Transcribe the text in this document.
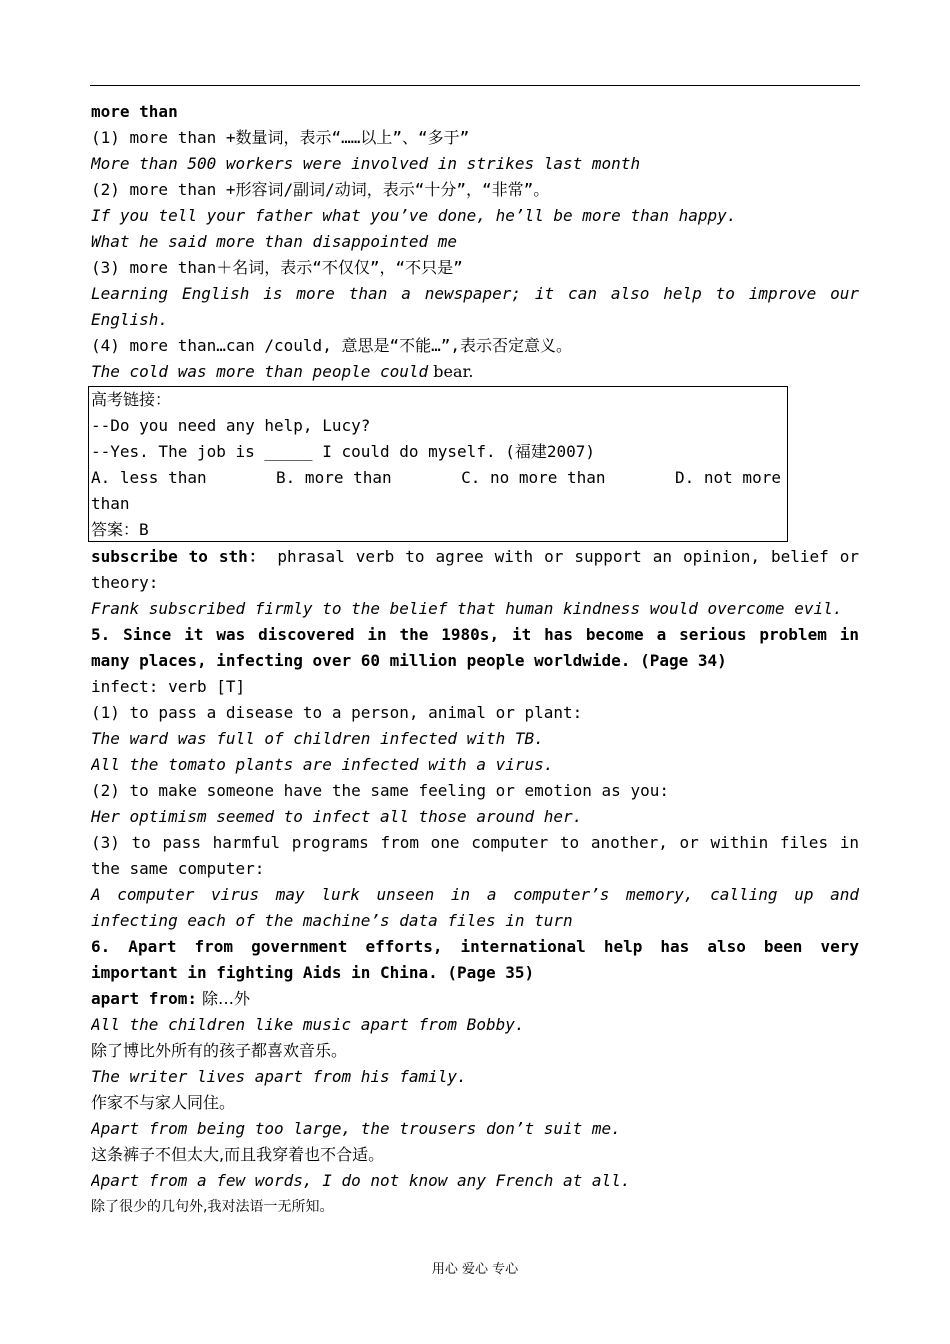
more than
(1) more than +数量词，表示“……以上”、“多于”
More than 500 workers were involved in strikes last month
(2) more than +形容词/副词/动词，表示“十分”，“非常”。
If you tell your father what you’ve done, he’ll be more than happy.
What he said more than disappointed me
(3) more than＋名词，表示“不仅仅”，“不只是”
Learning English is more than a newspaper; it can also help to improve our English.
(4) more than…can /could, 意思是“不能…”,表示否定意义。
The cold was more than people could bear.
高考链接：
--Do you need any help, Lucy?
--Yes. The job is _____ I could do myself. (福建2007)
A. less than	B. more than	C. no more than	D. not more
than
答案：B
subscribe to sth： phrasal verb to agree with or support an opinion, belief or theory:
Frank subscribed firmly to the belief that human kindness would overcome evil.
5. Since it was discovered in the 1980s, it has become a serious problem in many places, infecting over 60 million people worldwide. (Page 34)
infect: verb [T]
(1) to pass a disease to a person, animal or plant:
The ward was full of children infected with TB.
All the tomato plants are infected with a virus.
(2) to make someone have the same feeling or emotion as you:
Her optimism seemed to infect all those around her.
(3) to pass harmful programs from one computer to another, or within files in the same computer:
A computer virus may lurk unseen in a computer’s memory, calling up and infecting each of the machine’s data files in turn
6. Apart from government efforts, international help has also been very important in fighting Aids in China. (Page 35)
apart from: 除…外
All the children like music apart from Bobby.
除了博比外所有的孩子都喜欢音乐。
The writer lives apart from his family.
作家不与家人同住。
Apart from being too large, the trousers don’t suit me.
这条裤子不但太大,而且我穿着也不合适。
Apart from a few words, I do not know any French at all.
除了很少的几句外,我对法语一无所知。
用心 爱心 专心
